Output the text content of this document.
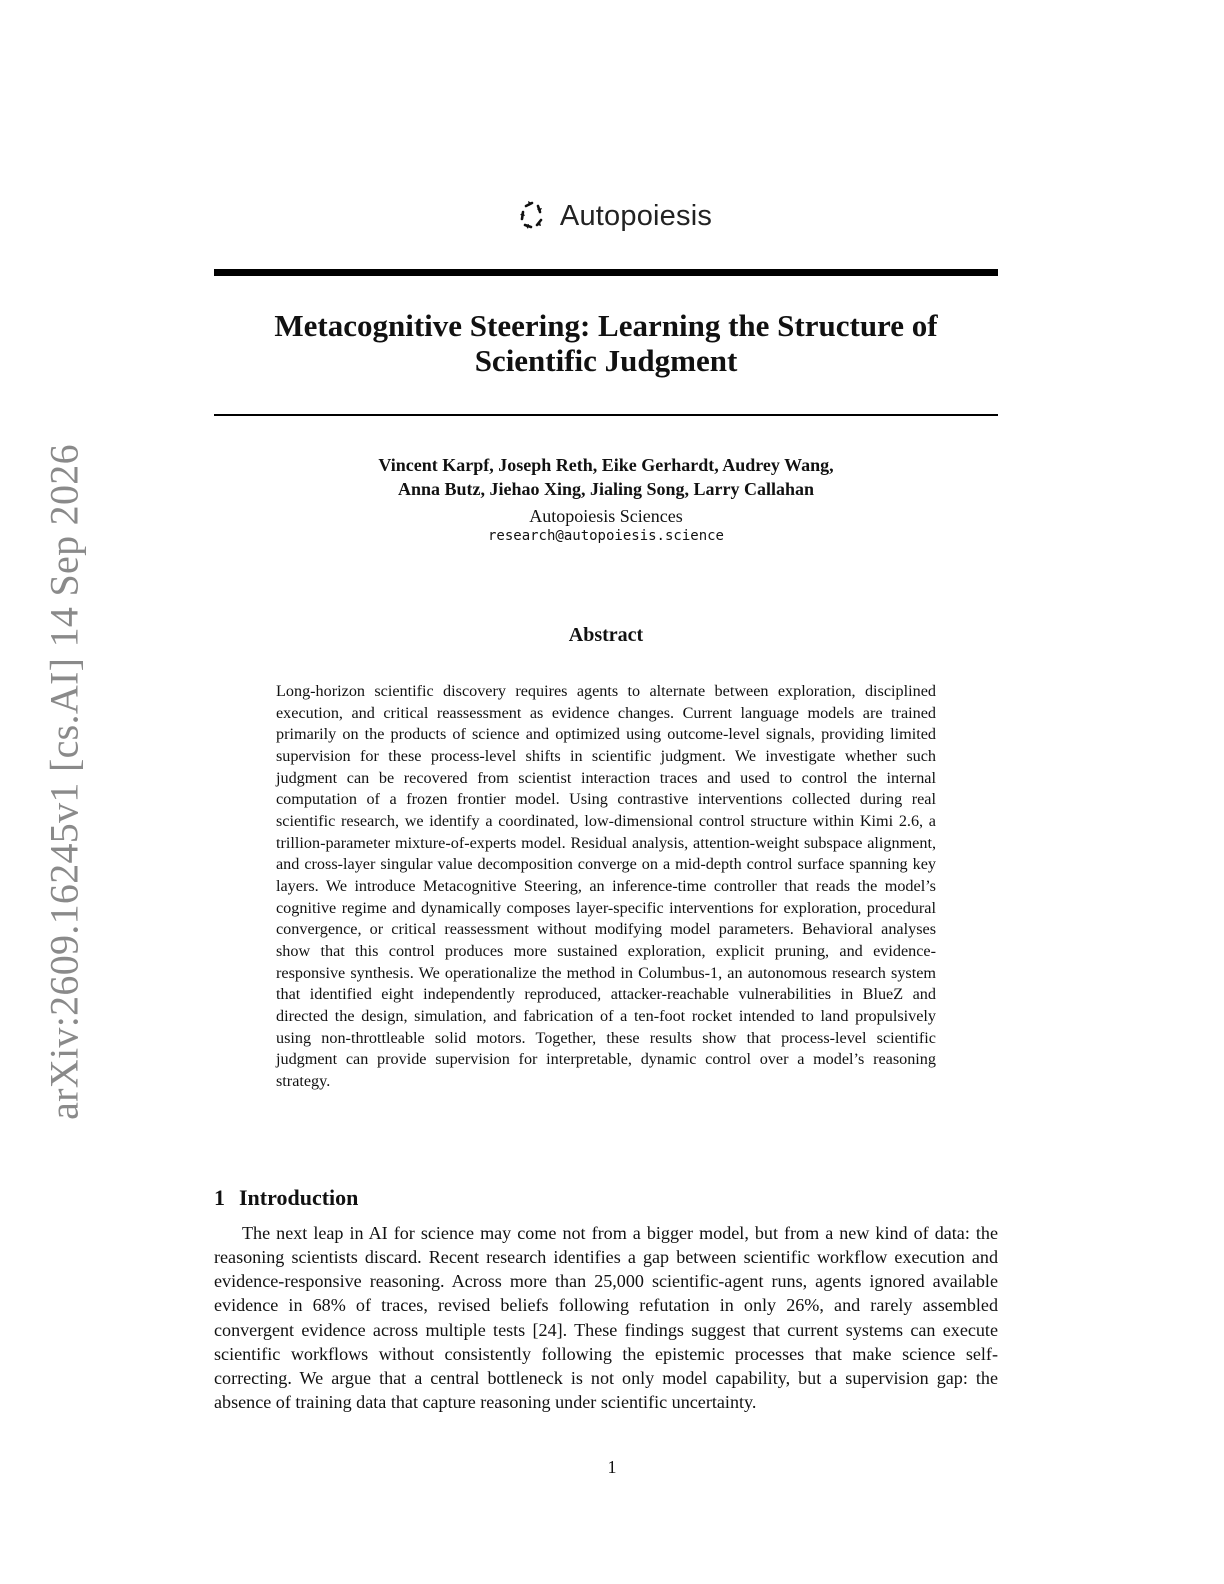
arXiv:2609.16245v1 [cs.AI] 14 Sep 2026
Autopoiesis
Metacognitive Steering: Learning the Structure of
Scientific Judgment
Vincent Karpf, Joseph Reth, Eike Gerhardt, Audrey Wang,
Anna Butz, Jiehao Xing, Jialing Song, Larry Callahan
Autopoiesis Sciences
research@autopoiesis.science
Abstract
Long-horizon scientific discovery requires agents to alternate between exploration, disciplined execution, and critical reassessment as evidence changes. Current language models are trained primarily on the products of science and optimized using outcome-level signals, providing limited supervision for these process-level shifts in scientific judgment. We investigate whether such judgment can be recovered from scientist interaction traces and used to control the internal computation of a frozen frontier model. Using contrastive interventions collected during real scientific research, we identify a coordinated, low-dimensional control structure within Kimi 2.6, a trillion-parameter mixture-of-experts model. Residual analysis, attention-weight subspace alignment, and cross-layer singular value decomposition converge on a mid-depth control surface spanning key layers. We introduce Metacognitive Steering, an inference-time controller that reads the model’s cognitive regime and dynamically composes layer-specific interventions for exploration, procedural convergence, or critical reassessment without modifying model parameters. Behavioral analyses show that this control produces more sustained exploration, explicit pruning, and evidence-responsive synthesis. We operationalize the method in Columbus-1, an autonomous research system that identified eight independently reproduced, attacker-reachable vulnerabilities in BlueZ and directed the design, simulation, and fabrication of a ten-foot rocket intended to land propulsively using non-throttleable solid motors. Together, these results show that process-level scientific judgment can provide supervision for interpretable, dynamic control over a model’s reasoning strategy.
1 Introduction
The next leap in AI for science may come not from a bigger model, but from a new kind of data: the reasoning scientists discard. Recent research identifies a gap between scientific workflow execution and evidence-responsive reasoning. Across more than 25,000 scientific-agent runs, agents ignored available evidence in 68% of traces, revised beliefs following refutation in only 26%, and rarely assembled convergent evidence across multiple tests [24]. These findings suggest that current systems can execute scientific workflows without consistently following the epistemic processes that make science self-correcting. We argue that a central bottleneck is not only model capability, but a supervision gap: the absence of training data that capture reasoning under scientific uncertainty.
1
